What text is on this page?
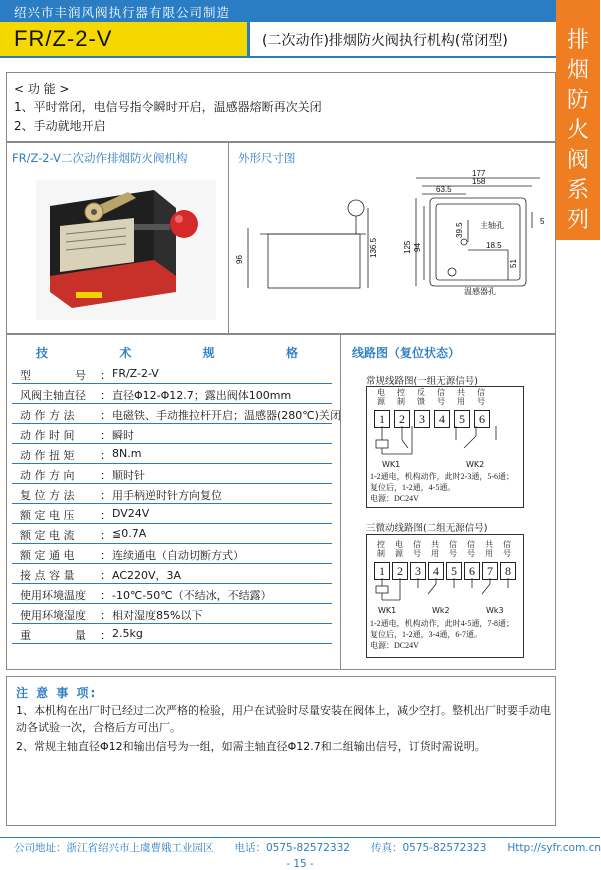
绍兴市丰润风阀执行器有限公司制造
FR/Z-2-V	(二次动作)排烟防火阀执行机构(常闭型)	排
烟
防
火
阀
系
列
< 功 能 >
1、平时常闭，电信号指令瞬时开启，温感器熔断再次关闭
2、手动就地开启
FR/Z-2-V二次动作排烟防火阀机构	外形尺寸图
96
136.5	125 94
177
158
63.5
39.5
18.5
51
5
主轴孔
温感器孔
技	术	规	格
型　　　　号	： FR/Z-2-V
风阀主轴直径	： 直径Φ12-Φ12.7；露出阀体100mm
动 作 方 法	： 电磁铁、手动推拉杆开启；温感器(280℃)关闭
动 作 时 间	： 瞬时
动 作 扭 矩	： 8N.m
动 作 方 向	： 顺时针
复 位 方 法	： 用手柄逆时针方向复位
额 定 电 压	： DV24V
额 定 电 流	： ≦0.7A
额 定 通 电	： 连续通电（自动切断方式）
接 点 容 量	： AC220V，3A
使用环境温度	： -10℃-50℃（不结冰，不结露）
使用环境湿度	： 相对湿度85%以下
重　　　　量	： 2.5kg
线路图（复位状态）
常规线路图(一组无源信号)
电源
1
控制
2
反馈
3
信号
4
共用
5
信号
6
WK1	WK2
1-2通电，机构动作，此时2-3通，5-6通；
复位后，1-2通，4-5通。
电源：DC24V
三微动线路图(二组无源信号)
控制
1
电源
2
信号
3
共用
4
信号
5
信号
6
共用
7
信号
8
WK1	Wk2	Wk3
1-2通电，机构动作，此时4-5通，7-8通；
复位后，1-2通，3-4通，6-7通。
电源：DC24V
注 意 事 项:

1、本机构在出厂时已经过二次严格的检验，用户在试验时尽量安装在阀体上，减少空打。整机出厂时要手动电动各试验一次，合格后方可出厂。

2、常规主轴直径Φ12和输出信号为一组，如需主轴直径Φ12.7和二组输出信号，订货时需说明。

公司地址：浙江省绍兴市上虞曹娥工业园区　　电话：0575-82572332　　传真：0575-82572323　　Http://syfr.com.cn
- 15 -
